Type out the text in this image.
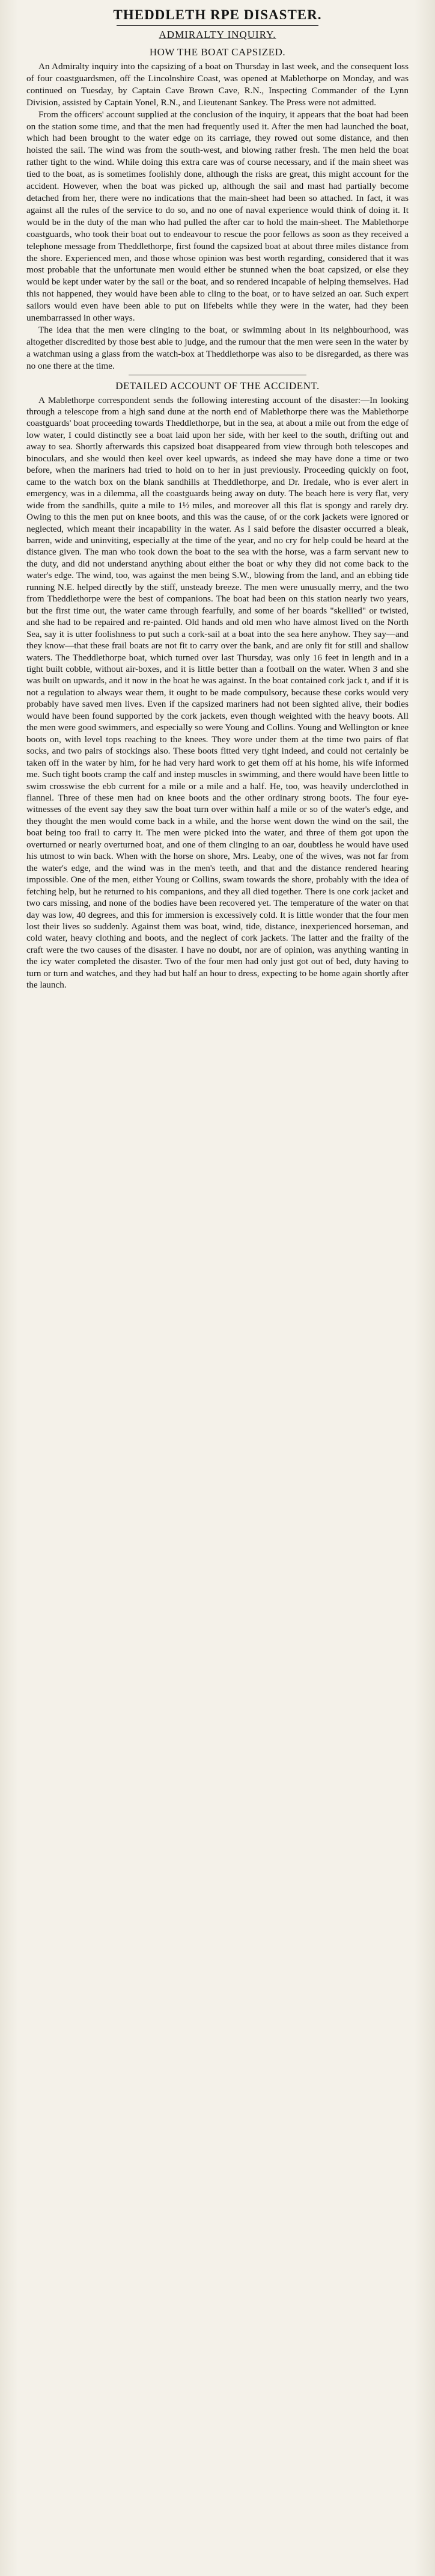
THEDDLETH RPE DISASTER.
ADMIRALTY INQUIRY.
HOW THE BOAT CAPSIZED.

An Admiralty inquiry into the capsizing of a boat on Thursday in last week, and the consequent loss of four coastguardsmen, off the Lincolnshire Coast, was opened at Mablethorpe on Monday, and was continued on Tuesday, by Captain Cave Brown Cave, R.N., Inspecting Commander of the Lynn Division, assisted by Captain Yonel, R.N., and Lieutenant Sankey. The Press were not admitted.

From the officers' account supplied at the conclusion of the inquiry, it appears that the boat had been on the station some time, and that the men had frequently used it. After the men had launched the boat, which had been brought to the water edge on its carriage, they rowed out some distance, and then hoisted the sail. The wind was from the south-west, and blowing rather fresh. The men held the boat rather tight to the wind. While doing this extra care was of course necessary, and if the main sheet was tied to the boat, as is sometimes foolishly done, although the risks are great, this might account for the accident. However, when the boat was picked up, although the sail and mast had partially become detached from her, there were no indications that the main-sheet had been so attached. In fact, it was against all the rules of the service to do so, and no one of naval experience would think of doing it. It would be in the duty of the man who had pulled the after car to hold the main-sheet. The Mablethorpe coastguards, who took their boat out to endeavour to rescue the poor fellows as soon as they received a telephone message from Theddlethorpe, first found the capsized boat at about three miles distance from the shore. Experienced men, and those whose opinion was best worth regarding, considered that it was most probable that the unfortunate men would either be stunned when the boat capsized, or else they would be kept under water by the sail or the boat, and so rendered incapable of helping themselves. Had this not happened, they would have been able to cling to the boat, or to have seized an oar. Such expert sailors would even have been able to put on lifebelts while they were in the water, had they been unembarrassed in other ways.

The idea that the men were clinging to the boat, or swimming about in its neighbourhood, was altogether discredited by those best able to judge, and the rumour that the men were seen in the water by a watchman using a glass from the watch-box at Theddlethorpe was also to be disregarded, as there was no one there at the time.

DETAILED ACCOUNT OF THE ACCIDENT.

A Mablethorpe correspondent sends the following interesting account of the disaster:—In looking through a telescope from a high sand dune at the north end of Mablethorpe there was the Mablethorpe coastguards' boat proceeding towards Theddlethorpe, but in the sea, at about a mile out from the edge of low water, I could distinctly see a boat laid upon her side, with her keel to the south, drifting out and away to sea. Shortly afterwards this capsized boat disappeared from view through both telescopes and binoculars, and she would then keel over keel upwards, as indeed she may have done a time or two before, when the mariners had tried to hold on to her in just previously. Proceeding quickly on foot, came to the watch box on the blank sandhills at Theddlethorpe, and Dr. Iredale, who is ever alert in emergency, was in a dilemma, all the coastguards being away on duty. The beach here is very flat, very wide from the sandhills, quite a mile to 1½ miles, and moreover all this flat is spongy and rarely dry. Owing to this the men put on knee boots, and this was the cause, of or the cork jackets were ignored or neglected, which meant their incapability in the water. As I said before the disaster occurred a bleak, barren, wide and uninviting, especially at the time of the year, and no cry for help could be heard at the distance given. The man who took down the boat to the sea with the horse, was a farm servant new to the duty, and did not understand anything about either the boat or why they did not come back to the water's edge. The wind, too, was against the men being S.W., blowing from the land, and an ebbing tide running N.E. helped directly by the stiff, unsteady breeze. The men were unusually merry, and the two from Theddlethorpe were the best of companions. The boat had been on this station nearly two years, but the first time out, the water came through fearfully, and some of her boards "skellied" or twisted, and she had to be repaired and re-painted. Old hands and old men who have almost lived on the North Sea, say it is utter foolishness to put such a cork-sail at a boat into the sea here anyhow. They say—and they know—that these frail boats are not fit to carry over the bank, and are only fit for still and shallow waters. The Theddlethorpe boat, which turned over last Thursday, was only 16 feet in length and in a tight built cobble, without air-boxes, and it is little better than a football on the water. When 3 and she was built on upwards, and it now in the boat he was against. In the boat contained cork jack t, and if it is not a regulation to always wear them, it ought to be made compulsory, because these corks would very probably have saved men lives. Even if the capsized mariners had not been sighted alive, their bodies would have been found supported by the cork jackets, even though weighted with the heavy boots. All the men were good swimmers, and especially so were Young and Collins. Young and Wellington or knee boots on, with level tops reaching to the knees. They wore under them at the time two pairs of flat socks, and two pairs of stockings also. These boots fitted very tight indeed, and could not certainly be taken off in the water by him, for he had very hard work to get them off at his home, his wife informed me. Such tight boots cramp the calf and instep muscles in swimming, and there would have been little to swim crosswise the ebb current for a mile or a mile and a half. He, too, was heavily underclothed in flannel. Three of these men had on knee boots and the other ordinary strong boots. The four eye-witnesses of the event say they saw the boat turn over within half a mile or so of the water's edge, and they thought the men would come back in a while, and the horse went down the wind on the sail, the boat being too frail to carry it. The men were picked into the water, and three of them got upon the overturned or nearly overturned boat, and one of them clinging to an oar, doubtless he would have used his utmost to win back. When with the horse on shore, Mrs. Leaby, one of the wives, was not far from the water's edge, and the wind was in the men's teeth, and that and the distance rendered hearing impossible. One of the men, either Young or Collins, swam towards the shore, probably with the idea of fetching help, but he returned to his companions, and they all died together. There is one cork jacket and two cars missing, and none of the bodies have been recovered yet. The temperature of the water on that day was low, 40 degrees, and this for immersion is excessively cold. It is little wonder that the four men lost their lives so suddenly. Against them was boat, wind, tide, distance, inexperienced horseman, and cold water, heavy clothing and boots, and the neglect of cork jackets. The latter and the frailty of the craft were the two causes of the disaster. I have no doubt, nor are of opinion, was anything wanting in the icy water completed the disaster. Two of the four men had only just got out of bed, duty having to turn or turn and watches, and they had but half an hour to dress, expecting to be home again shortly after the launch.
